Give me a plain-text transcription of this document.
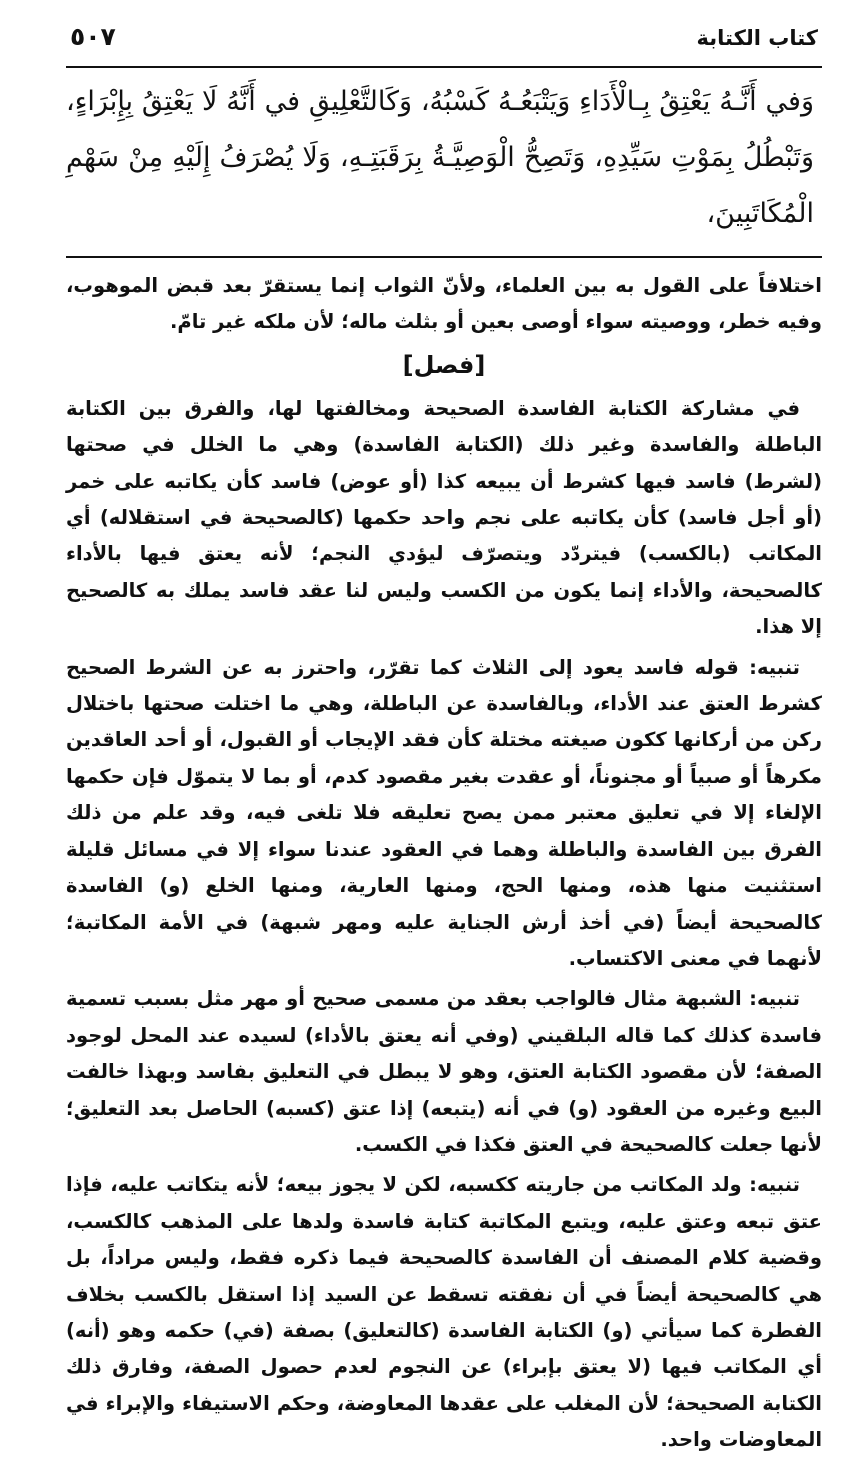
كتاب الكتابة
٥٠٧

وَفي أَنَّـهُ يَعْتِقُ بِـالْأَدَاءِ وَيَتْبَعُـهُ كَسْبُهُ، وَكَالتَّعْلِيقِ في أَنَّهُ لَا يَعْتِقُ بِإِبْرَاءٍ، وَتَبْطُلُ بِمَوْتِ سَيِّدِهِ، وَتَصِحُّ الْوَصِيَّـةُ بِرَقَبَتِـهِ، وَلَا يُصْرَفُ إِلَيْهِ مِنْ سَهْمِ الْمُكَاتَبِينَ،

اختلافاً على القول به بين العلماء، ولأنّ الثواب إنما يستقرّ بعد قبض الموهوب، وفيه خطر، ووصيته سواء أوصى بعين أو بثلث ماله؛ لأن ملكه غير تامّ.

[فصل]

في مشاركة الكتابة الفاسدة الصحيحة ومخالفتها لها، والفرق بين الكتابة الباطلة والفاسدة وغير ذلك (الكتابة الفاسدة) وهي ما الخلل في صحتها (لشرط) فاسد فيها كشرط أن يبيعه كذا (أو عوض) فاسد كأن يكاتبه على خمر (أو أجل فاسد) كأن يكاتبه على نجم واحد حكمها (كالصحيحة في استقلاله) أي المكاتب (بالكسب) فيتردّد ويتصرّف ليؤدي النجم؛ لأنه يعتق فيها بالأداء كالصحيحة، والأداء إنما يكون من الكسب وليس لنا عقد فاسد يملك به كالصحيح إلا هذا.

تنبيه: قوله فاسد يعود إلى الثلاث كما تقرّر، واحترز به عن الشرط الصحيح كشرط العتق عند الأداء، وبالفاسدة عن الباطلة، وهي ما اختلت صحتها باختلال ركن من أركانها ككون صيغته مختلة كأن فقد الإيجاب أو القبول، أو أحد العاقدين مكرهاً أو صبياً أو مجنوناً، أو عقدت بغير مقصود كدم، أو بما لا يتموّل فإن حكمها الإلغاء إلا في تعليق معتبر ممن يصح تعليقه فلا تلغى فيه، وقد علم من ذلك الفرق بين الفاسدة والباطلة وهما في العقود عندنا سواء إلا في مسائل قليلة استثنيت منها هذه، ومنها الحج، ومنها العارية، ومنها الخلع (و) الفاسدة كالصحيحة أيضاً (في أخذ أرش الجناية عليه ومهر شبهة) في الأمة المكاتبة؛ لأنهما في معنى الاكتساب.

تنبيه: الشبهة مثال فالواجب بعقد من مسمى صحيح أو مهر مثل بسبب تسمية فاسدة كذلك كما قاله البلقيني (وفي أنه يعتق بالأداء) لسيده عند المحل لوجود الصفة؛ لأن مقصود الكتابة العتق، وهو لا يبطل في التعليق بفاسد وبهذا خالفت البيع وغيره من العقود (و) في أنه (يتبعه) إذا عتق (كسبه) الحاصل بعد التعليق؛ لأنها جعلت كالصحيحة في العتق فكذا في الكسب.

تنبيه: ولد المكاتب من جاريته ككسبه، لكن لا يجوز بيعه؛ لأنه يتكاتب عليه، فإذا عتق تبعه وعتق عليه، ويتبع المكاتبة كتابة فاسدة ولدها على المذهب كالكسب، وقضية كلام المصنف أن الفاسدة كالصحيحة فيما ذكره فقط، وليس مراداً، بل هي كالصحيحة أيضاً في أن نفقته تسقط عن السيد إذا استقل بالكسب بخلاف الفطرة كما سيأتي (و) الكتابة الفاسدة (كالتعليق) بصفة (في) حكمه وهو (أنه) أي المكاتب فيها (لا يعتق بإبراء) عن النجوم لعدم حصول الصفة، وفارق ذلك الكتابة الصحيحة؛ لأن المغلب على عقدها المعاوضة، وحكم الاستيفاء والإبراء في المعاوضات واحد.
